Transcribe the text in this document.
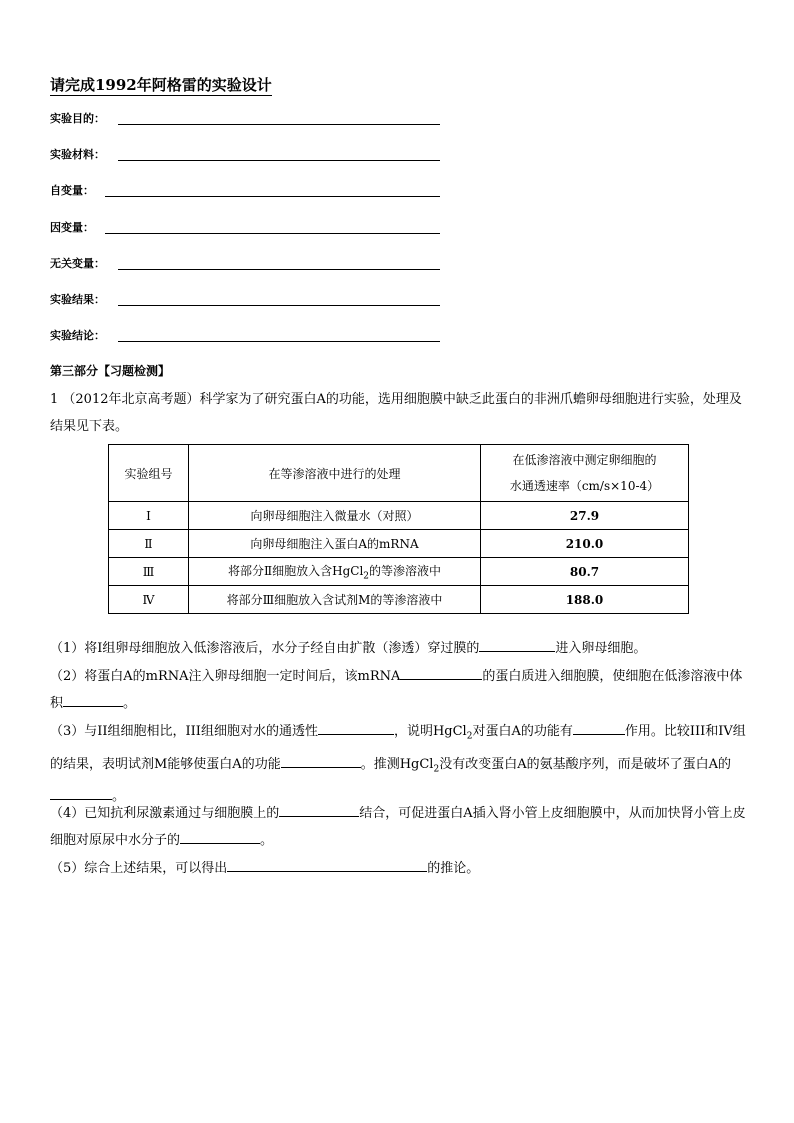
请完成1992年阿格雷的实验设计
实验目的：
实验材料：
自变量：
因变量：
无关变量：
实验结果：
实验结论：
第三部分【习题检测】
1 （2012年北京高考题）科学家为了研究蛋白A的功能，选用细胞膜中缺乏此蛋白的非洲爪蟾卵母细胞进行实验，处理及结果见下表。
实验组号	在等渗溶液中进行的处理	在低渗溶液中测定卵细胞的
水通透速率（cm/s×10-4）

Ⅰ	向卵母细胞注入微量水（对照）	27.9
Ⅱ	向卵母细胞注入蛋白A的mRNA	210.0
Ⅲ	将部分Ⅱ细胞放入含HgCl$_2$的等渗溶液中	80.7
Ⅳ	将部分Ⅲ细胞放入含试剂M的等渗溶液中	188.0
（1）将I组卵母细胞放入低渗溶液后，水分子经自由扩散（渗透）穿过膜的	进入卵母细胞。
（2）将蛋白A的mRNA注入卵母细胞一定时间后，该mRNA	的蛋白质进入细胞膜，使细胞在低渗溶液中体积	。
（3）与II组细胞相比，III组细胞对水的通透性	，说明HgCl$_2$对蛋白A的功能有	作用。比较III和IV组的结果，表明试剂M能够使蛋白A的功能	。推测HgCl$_2$没有改变蛋白A的氨基酸序列，而是破坏了蛋白A的。
（4）已知抗利尿激素通过与细胞膜上的	结合，可促进蛋白A插入肾小管上皮细胞膜中，从而加快肾小管上皮细胞对原尿中水分子的	。
（5）综合上述结果，可以得出	的推论。
